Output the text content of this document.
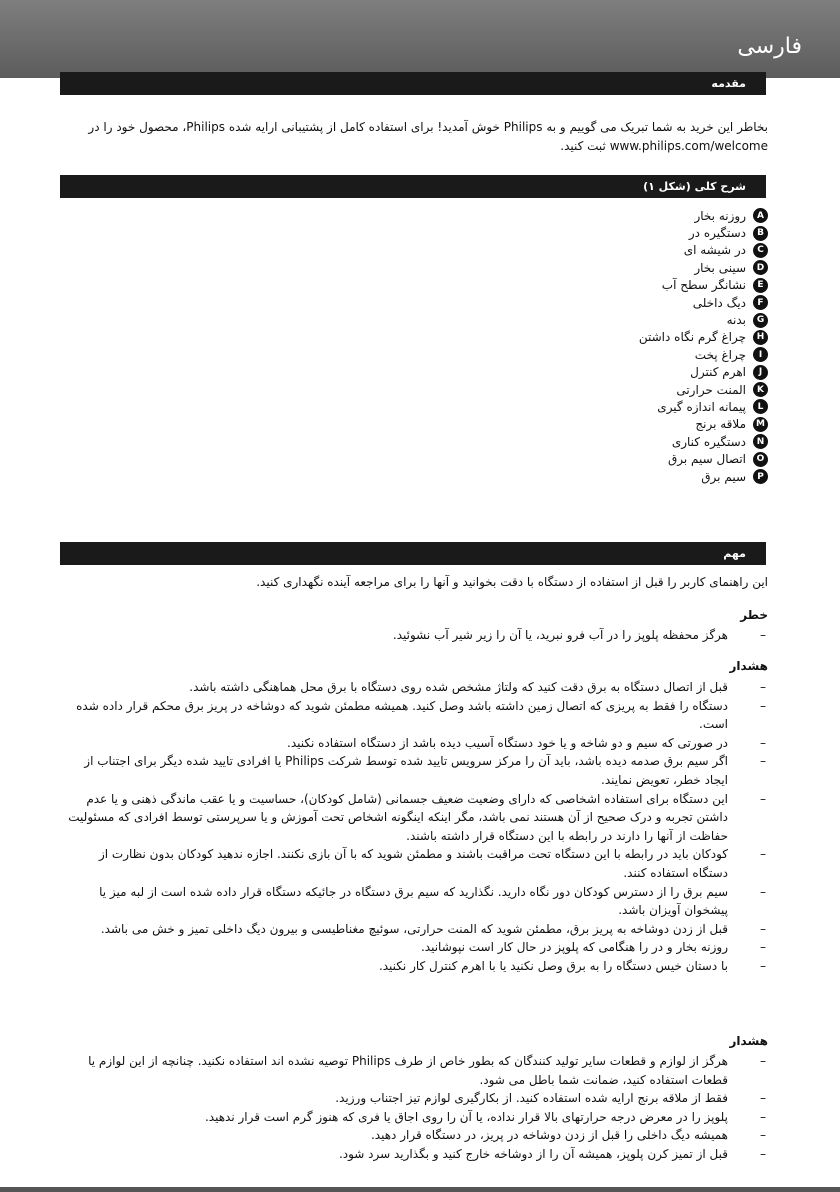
فارسی
مقدمه
بخاطر این خرید به شما تبریک می گوییم و به Philips خوش آمدید! برای استفاده کامل از پشتیبانی ارایه شده Philips، محصول خود را در www.philips.com/welcome ثبت کنید.
شرح کلی (شکل ۱)
A
روزنه بخار
B
دستگیره در
C
در شیشه ای
D
سینی بخار
E
نشانگر سطح آب
F
دیگ داخلی
G
بدنه
H
چراغ گرم نگاه داشتن
I
چراغ پخت
J
اهرم کنترل
K
المنت حرارتی
L
پیمانه اندازه گیری
M
ملاقه برنج
N
دستگیره کناری
O
اتصال سیم برق
P
سیم برق
مهم
این راهنمای کاربر را قبل از استفاده از دستگاه با دقت بخوانید و آنها را برای مراجعه آینده نگهداری کنید.
خطر
–
هرگز محفظه پلوپز را در آب فرو نبرید، یا آن را زیر شیر آب نشوئید.
هشدار
–
قبل از اتصال دستگاه به برق دقت کنید که ولتاژ مشخص شده روی دستگاه با برق محل هماهنگی داشته باشد.
–
دستگاه را فقط به پریزی که اتصال زمین داشته باشد وصل کنید. همیشه مطمئن شوید که دوشاخه در پریز برق محکم قرار داده شده است.
–
در صورتی که سیم و دو شاخه و یا خود دستگاه آسیب دیده باشد از دستگاه استفاده نکنید.
–
اگر سیم برق صدمه دیده باشد، باید آن را مرکز سرویس تایید شده توسط شرکت Philips یا افرادی تایید شده دیگر برای اجتناب از ایجاد خطر، تعویض نمایند.
–
این دستگاه برای استفاده اشخاصی که دارای وضعیت ضعیف جسمانی (شامل کودکان)، حساسیت و یا عقب ماندگی ذهنی و یا عدم داشتن تجربه و درک صحیح از آن هستند نمی باشد، مگر اینکه اینگونه اشخاص تحت آموزش و یا سرپرستی توسط افرادی که مسئولیت حفاظت از آنها را دارند در رابطه با این دستگاه قرار داشته باشند.
–
کودکان باید در رابطه با این دستگاه تحت مراقبت باشند و مطمئن شوید که با آن بازی نکنند. اجازه ندهید کودکان بدون نظارت از دستگاه استفاده کنند.
–
سیم برق را از دسترس کودکان دور نگاه دارید. نگذارید که سیم برق دستگاه در جائیکه دستگاه قرار داده شده است از لبه میز یا پیشخوان آویزان باشد.
–
قبل از زدن دوشاخه به پریز برق، مطمئن شوید که المنت حرارتی، سوئیچ مغناطیسی و بیرون دیگ داخلی تمیز و خش می باشد.
–
روزنه بخار و در را هنگامی که پلوپز در حال کار است نپوشانید.
–
با دستان خیس دستگاه را به برق وصل نکنید یا با اهرم کنترل کار نکنید.
هشدار
–
هرگز از لوازم و قطعات سایر تولید کنندگان که بطور خاص از طرف Philips توصیه نشده اند استفاده نکنید. چنانچه از این لوازم یا قطعات استفاده کنید، ضمانت شما باطل می شود.
–
فقط از ملاقه برنج ارایه شده استفاده کنید. از بکارگیری لوازم تیز اجتناب ورزید.
–
پلوپز را در معرض درجه حرارتهای بالا قرار نداده، یا آن را روی اجاق یا فری که هنوز گرم است قرار ندهید.
–
همیشه دیگ داخلی را قبل از زدن دوشاخه در پریز، در دستگاه قرار دهید.
–
قبل از تمیز کرن پلوپز، همیشه آن را از دوشاخه خارج کنید و بگذارید سرد شود.
